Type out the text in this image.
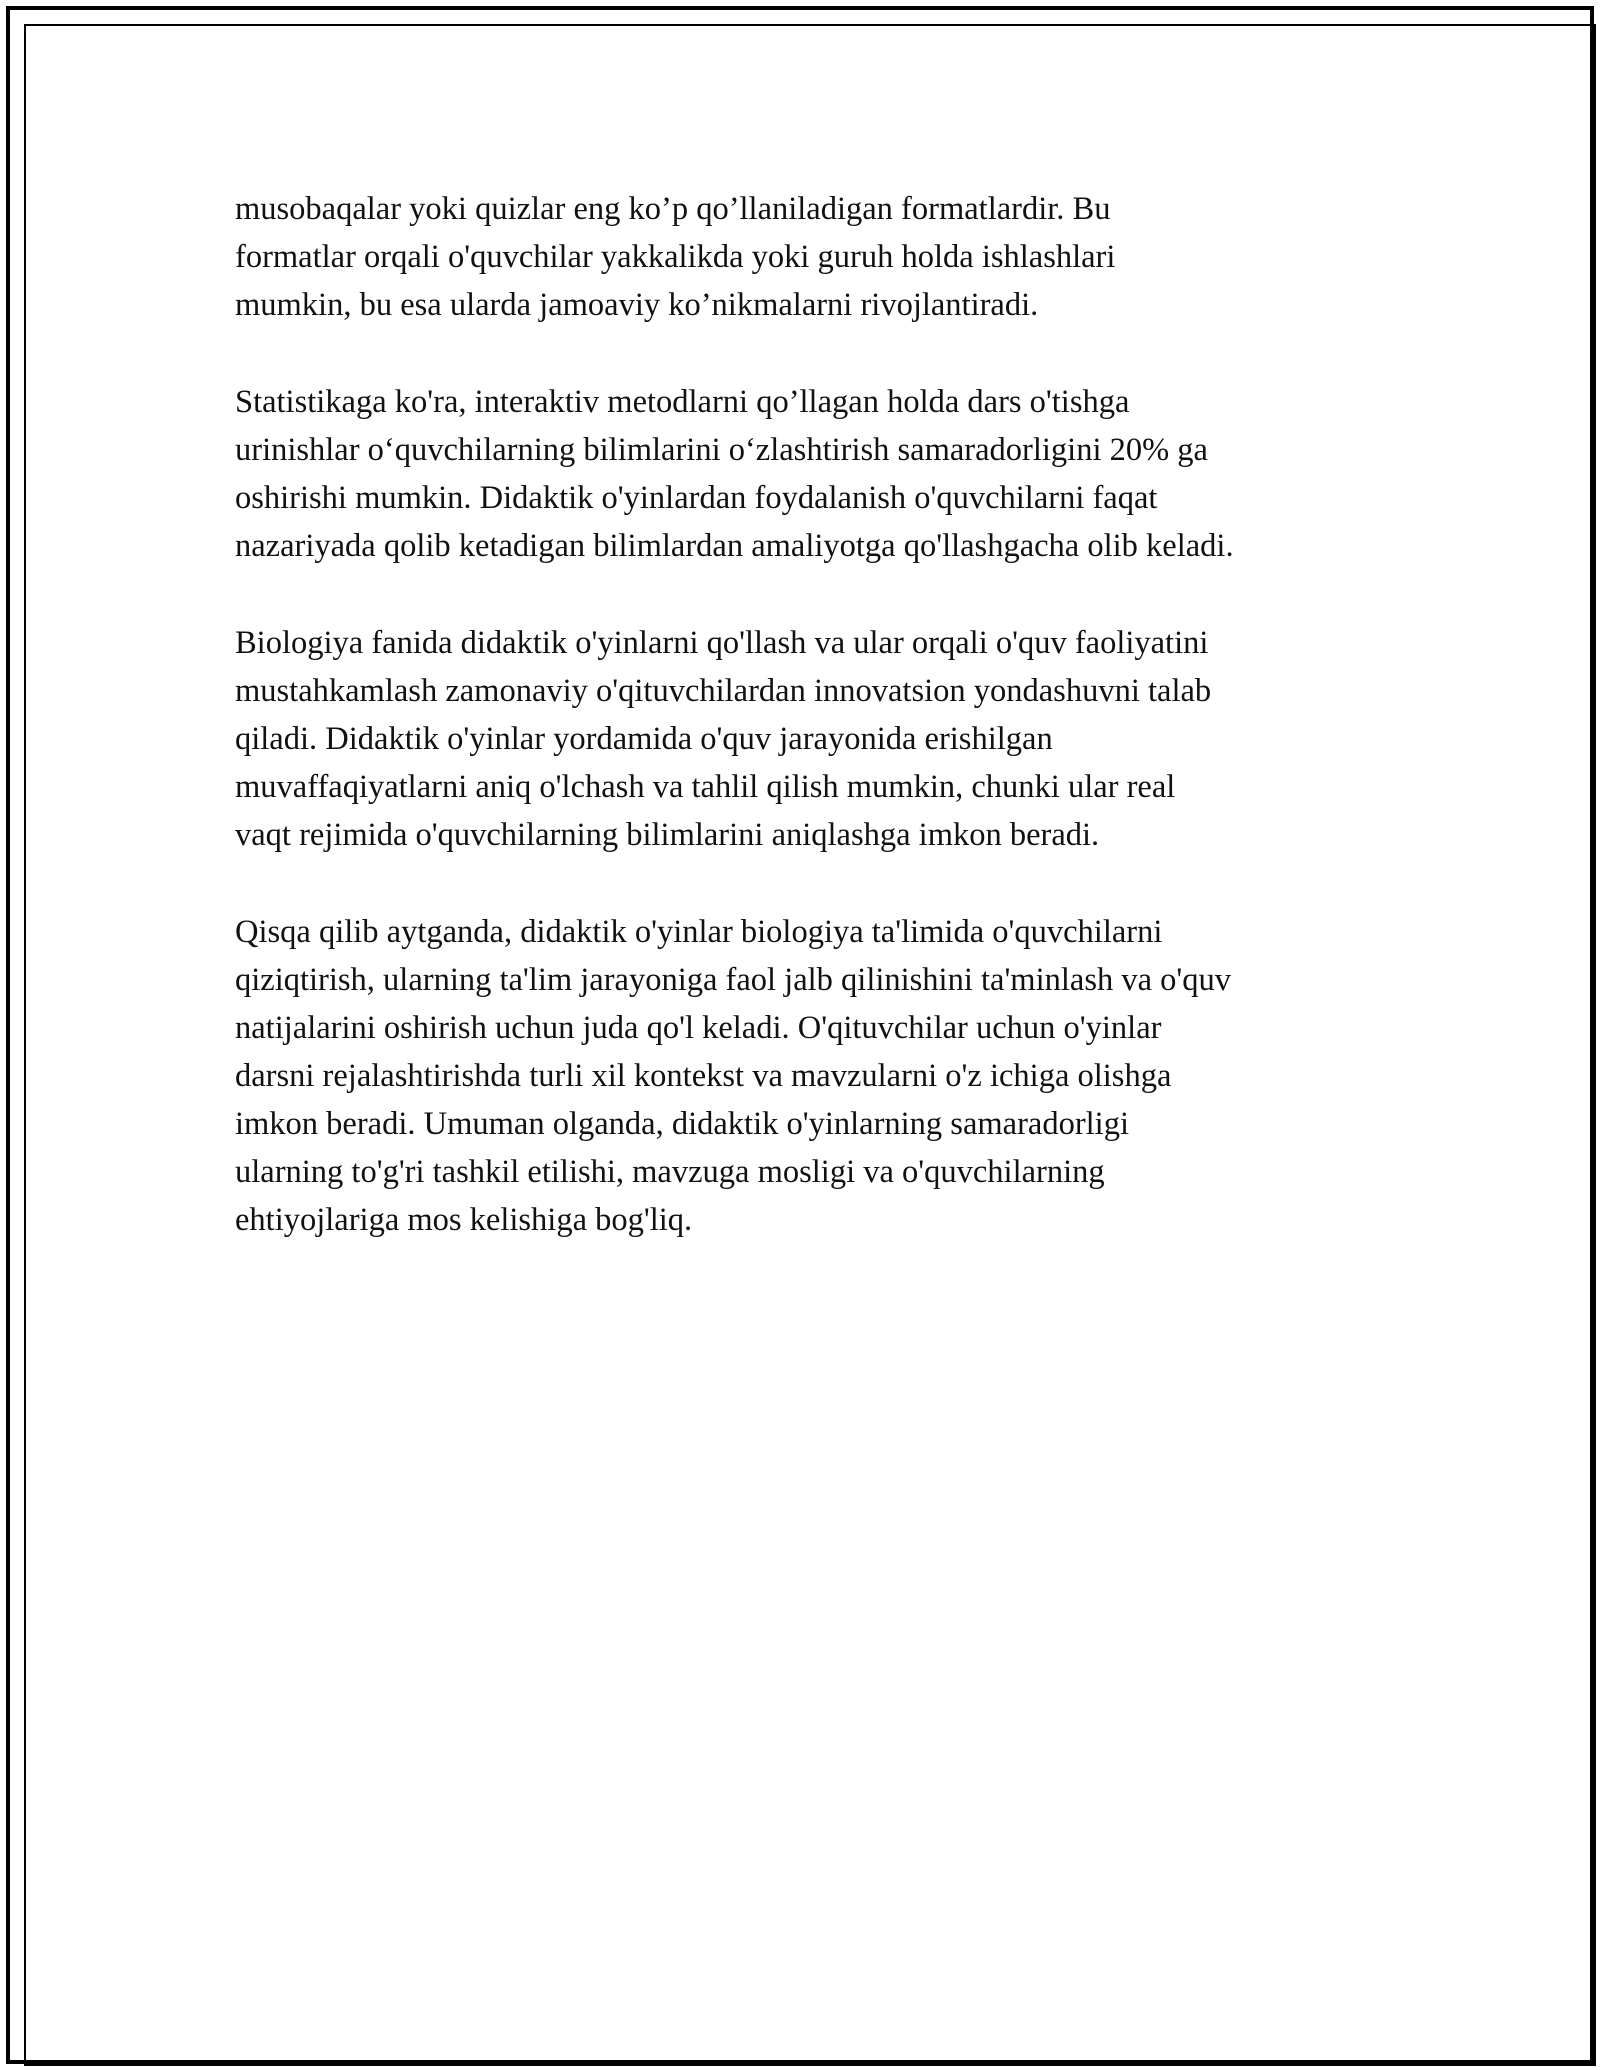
musobaqalar yoki quizlar eng ko’p qo’llaniladigan formatlardir. Bu
formatlar orqali o'quvchilar yakkalikda yoki guruh holda ishlashlari
mumkin, bu esa ularda jamoaviy ko’nikmalarni rivojlantiradi.

Statistikaga ko'ra, interaktiv metodlarni qo’llagan holda dars o'tishga
urinishlar o‘quvchilarning bilimlarini o‘zlashtirish samaradorligini 20% ga
oshirishi mumkin. Didaktik o'yinlardan foydalanish o'quvchilarni faqat
nazariyada qolib ketadigan bilimlardan amaliyotga qo'llashgacha olib keladi.

Biologiya fanida didaktik o'yinlarni qo'llash va ular orqali o'quv faoliyatini
mustahkamlash zamonaviy o'qituvchilardan innovatsion yondashuvni talab
qiladi. Didaktik o'yinlar yordamida o'quv jarayonida erishilgan
muvaffaqiyatlarni aniq o'lchash va tahlil qilish mumkin, chunki ular real
vaqt rejimida o'quvchilarning bilimlarini aniqlashga imkon beradi.

Qisqa qilib aytganda, didaktik o'yinlar biologiya ta'limida o'quvchilarni
qiziqtirish, ularning ta'lim jarayoniga faol jalb qilinishini ta'minlash va o'quv
natijalarini oshirish uchun juda qo'l keladi. O'qituvchilar uchun o'yinlar
darsni rejalashtirishda turli xil kontekst va mavzularni o'z ichiga olishga
imkon beradi. Umuman olganda, didaktik o'yinlarning samaradorligi
ularning to'g'ri tashkil etilishi, mavzuga mosligi va o'quvchilarning
ehtiyojlariga mos kelishiga bog'liq.
